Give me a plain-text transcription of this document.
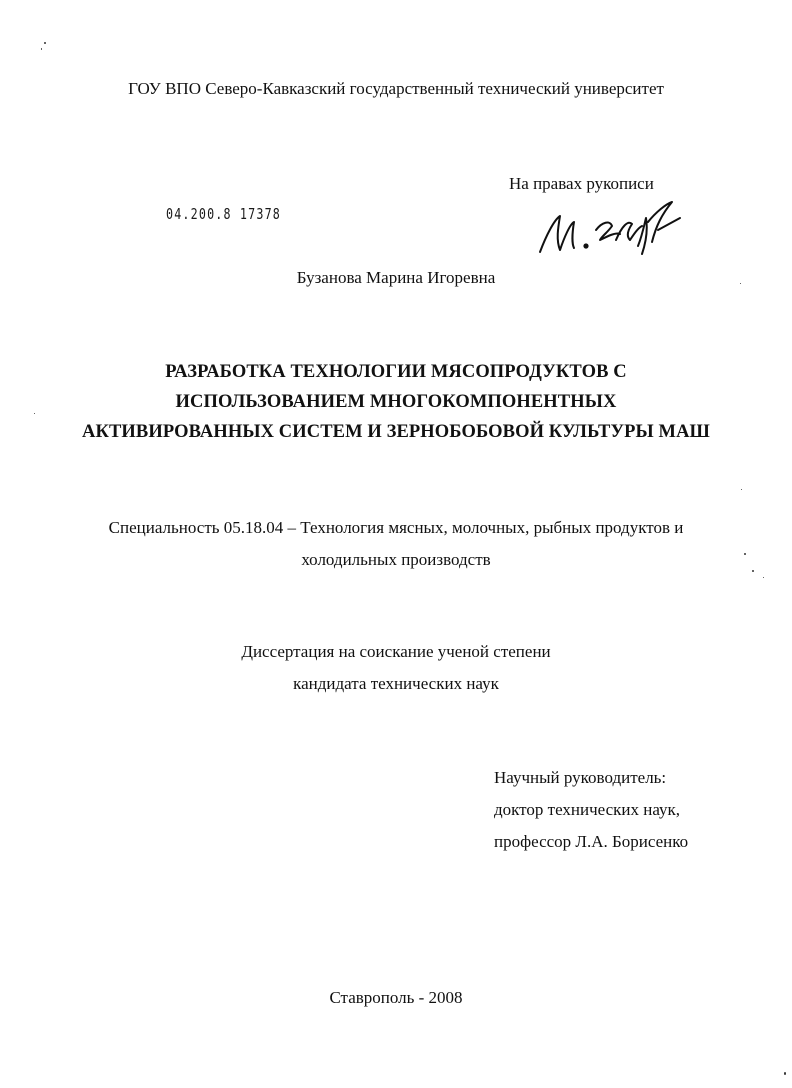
ГОУ ВПО Северо-Кавказский государственный технический университет
На правах рукописи
04.200.8 17378
Бузанова Марина Игоревна
РАЗРАБОТКА ТЕХНОЛОГИИ МЯСОПРОДУКТОВ С
ИСПОЛЬЗОВАНИЕМ МНОГОКОМПОНЕНТНЫХ
АКТИВИРОВАННЫХ СИСТЕМ И ЗЕРНОБОБОВОЙ КУЛЬТУРЫ МАШ
Специальность 05.18.04 – Технология мясных, молочных, рыбных продуктов и
холодильных производств
Диссертация на соискание ученой степени
кандидата технических наук
Научный руководитель:
доктор технических наук,
профессор Л.А. Борисенко
Ставрополь - 2008
